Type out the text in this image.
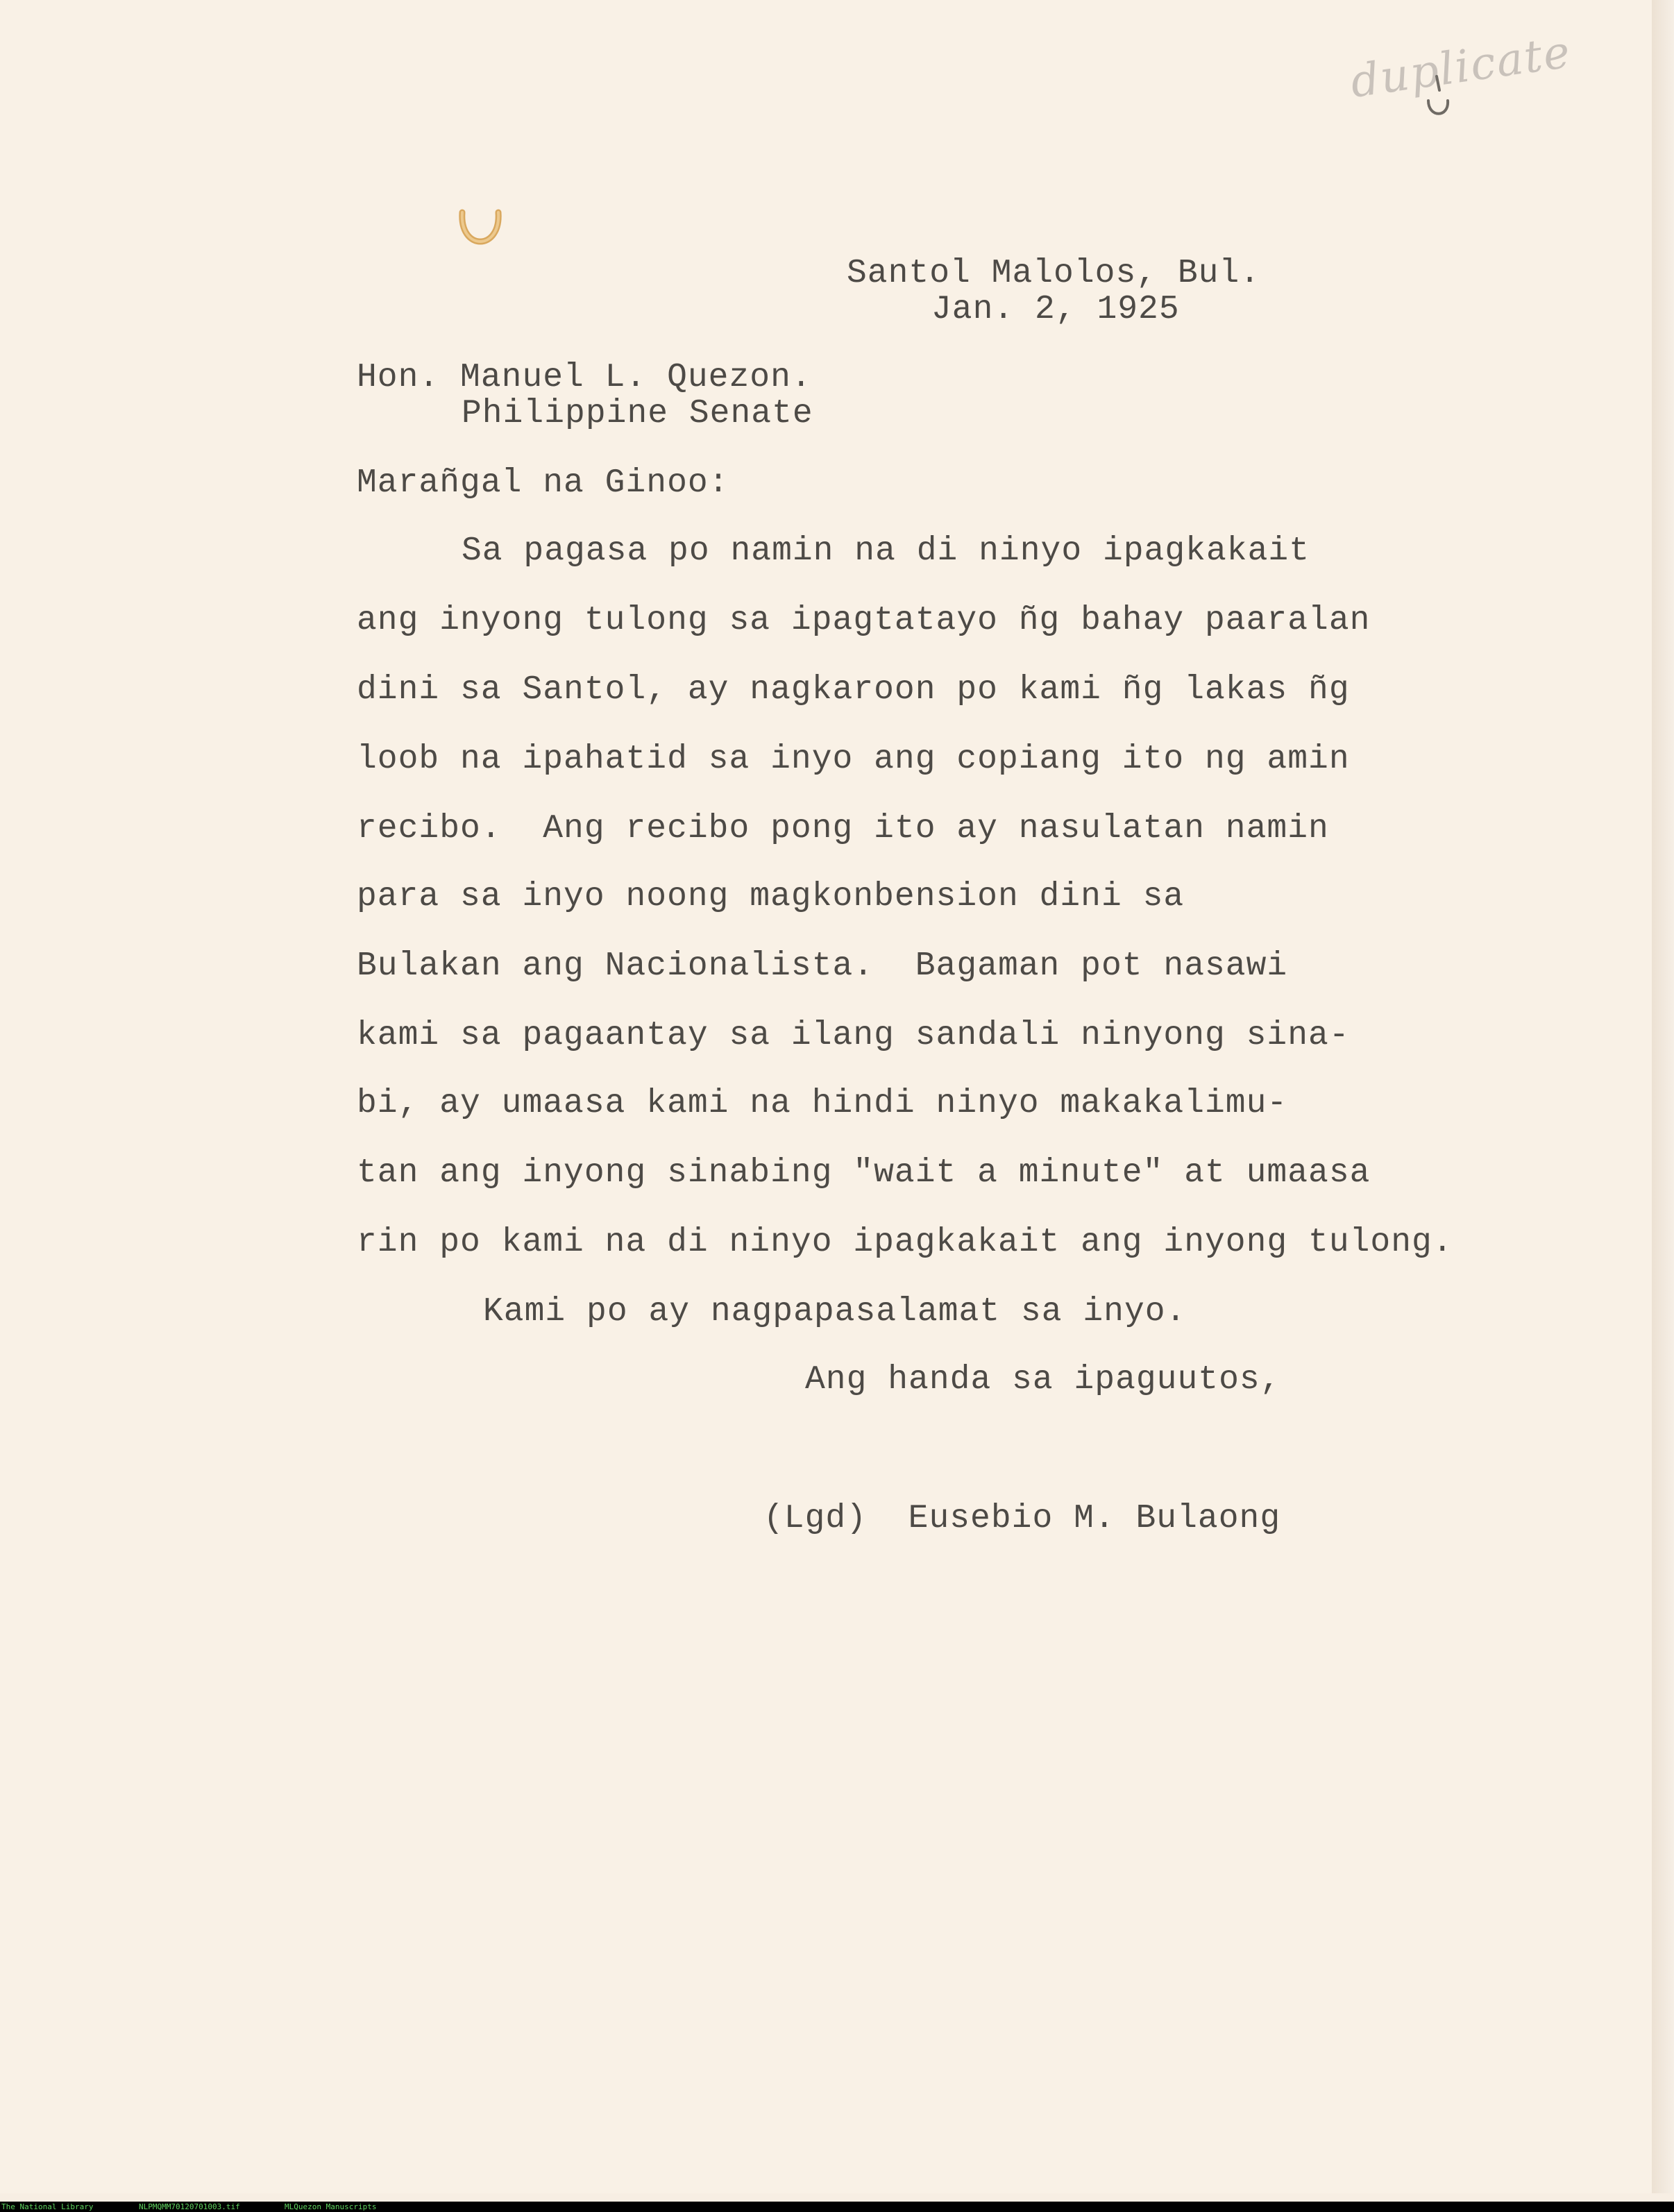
duplicate
Santol Malolos, Bul.
Jan. 2, 1925
Hon. Manuel L. Quezon.
Philippine Senate
Marañgal na Ginoo:
Sa pagasa po namin na di ninyo ipagkakait
ang inyong tulong sa ipagtatayo ñg bahay paaralan
dini sa Santol, ay nagkaroon po kami ñg lakas ñg
loob na ipahatid sa inyo ang copiang ito ng amin
recibo.  Ang recibo pong ito ay nasulatan namin
para sa inyo noong magkonbension dini sa
Bulakan ang Nacionalista.  Bagaman pot nasawi
kami sa pagaantay sa ilang sandali ninyong sina-
bi, ay umaasa kami na hindi ninyo makakalimu-
tan ang inyong sinabing "wait a minute" at umaasa
rin po kami na di ninyo ipagkakait ang inyong tulong.
Kami po ay nagpapasalamat sa inyo.
Ang handa sa ipaguutos,
(Lgd)  Eusebio M. Bulaong
The National Library	NLPMQMM70120701003.tif	MLQuezon Manuscripts
